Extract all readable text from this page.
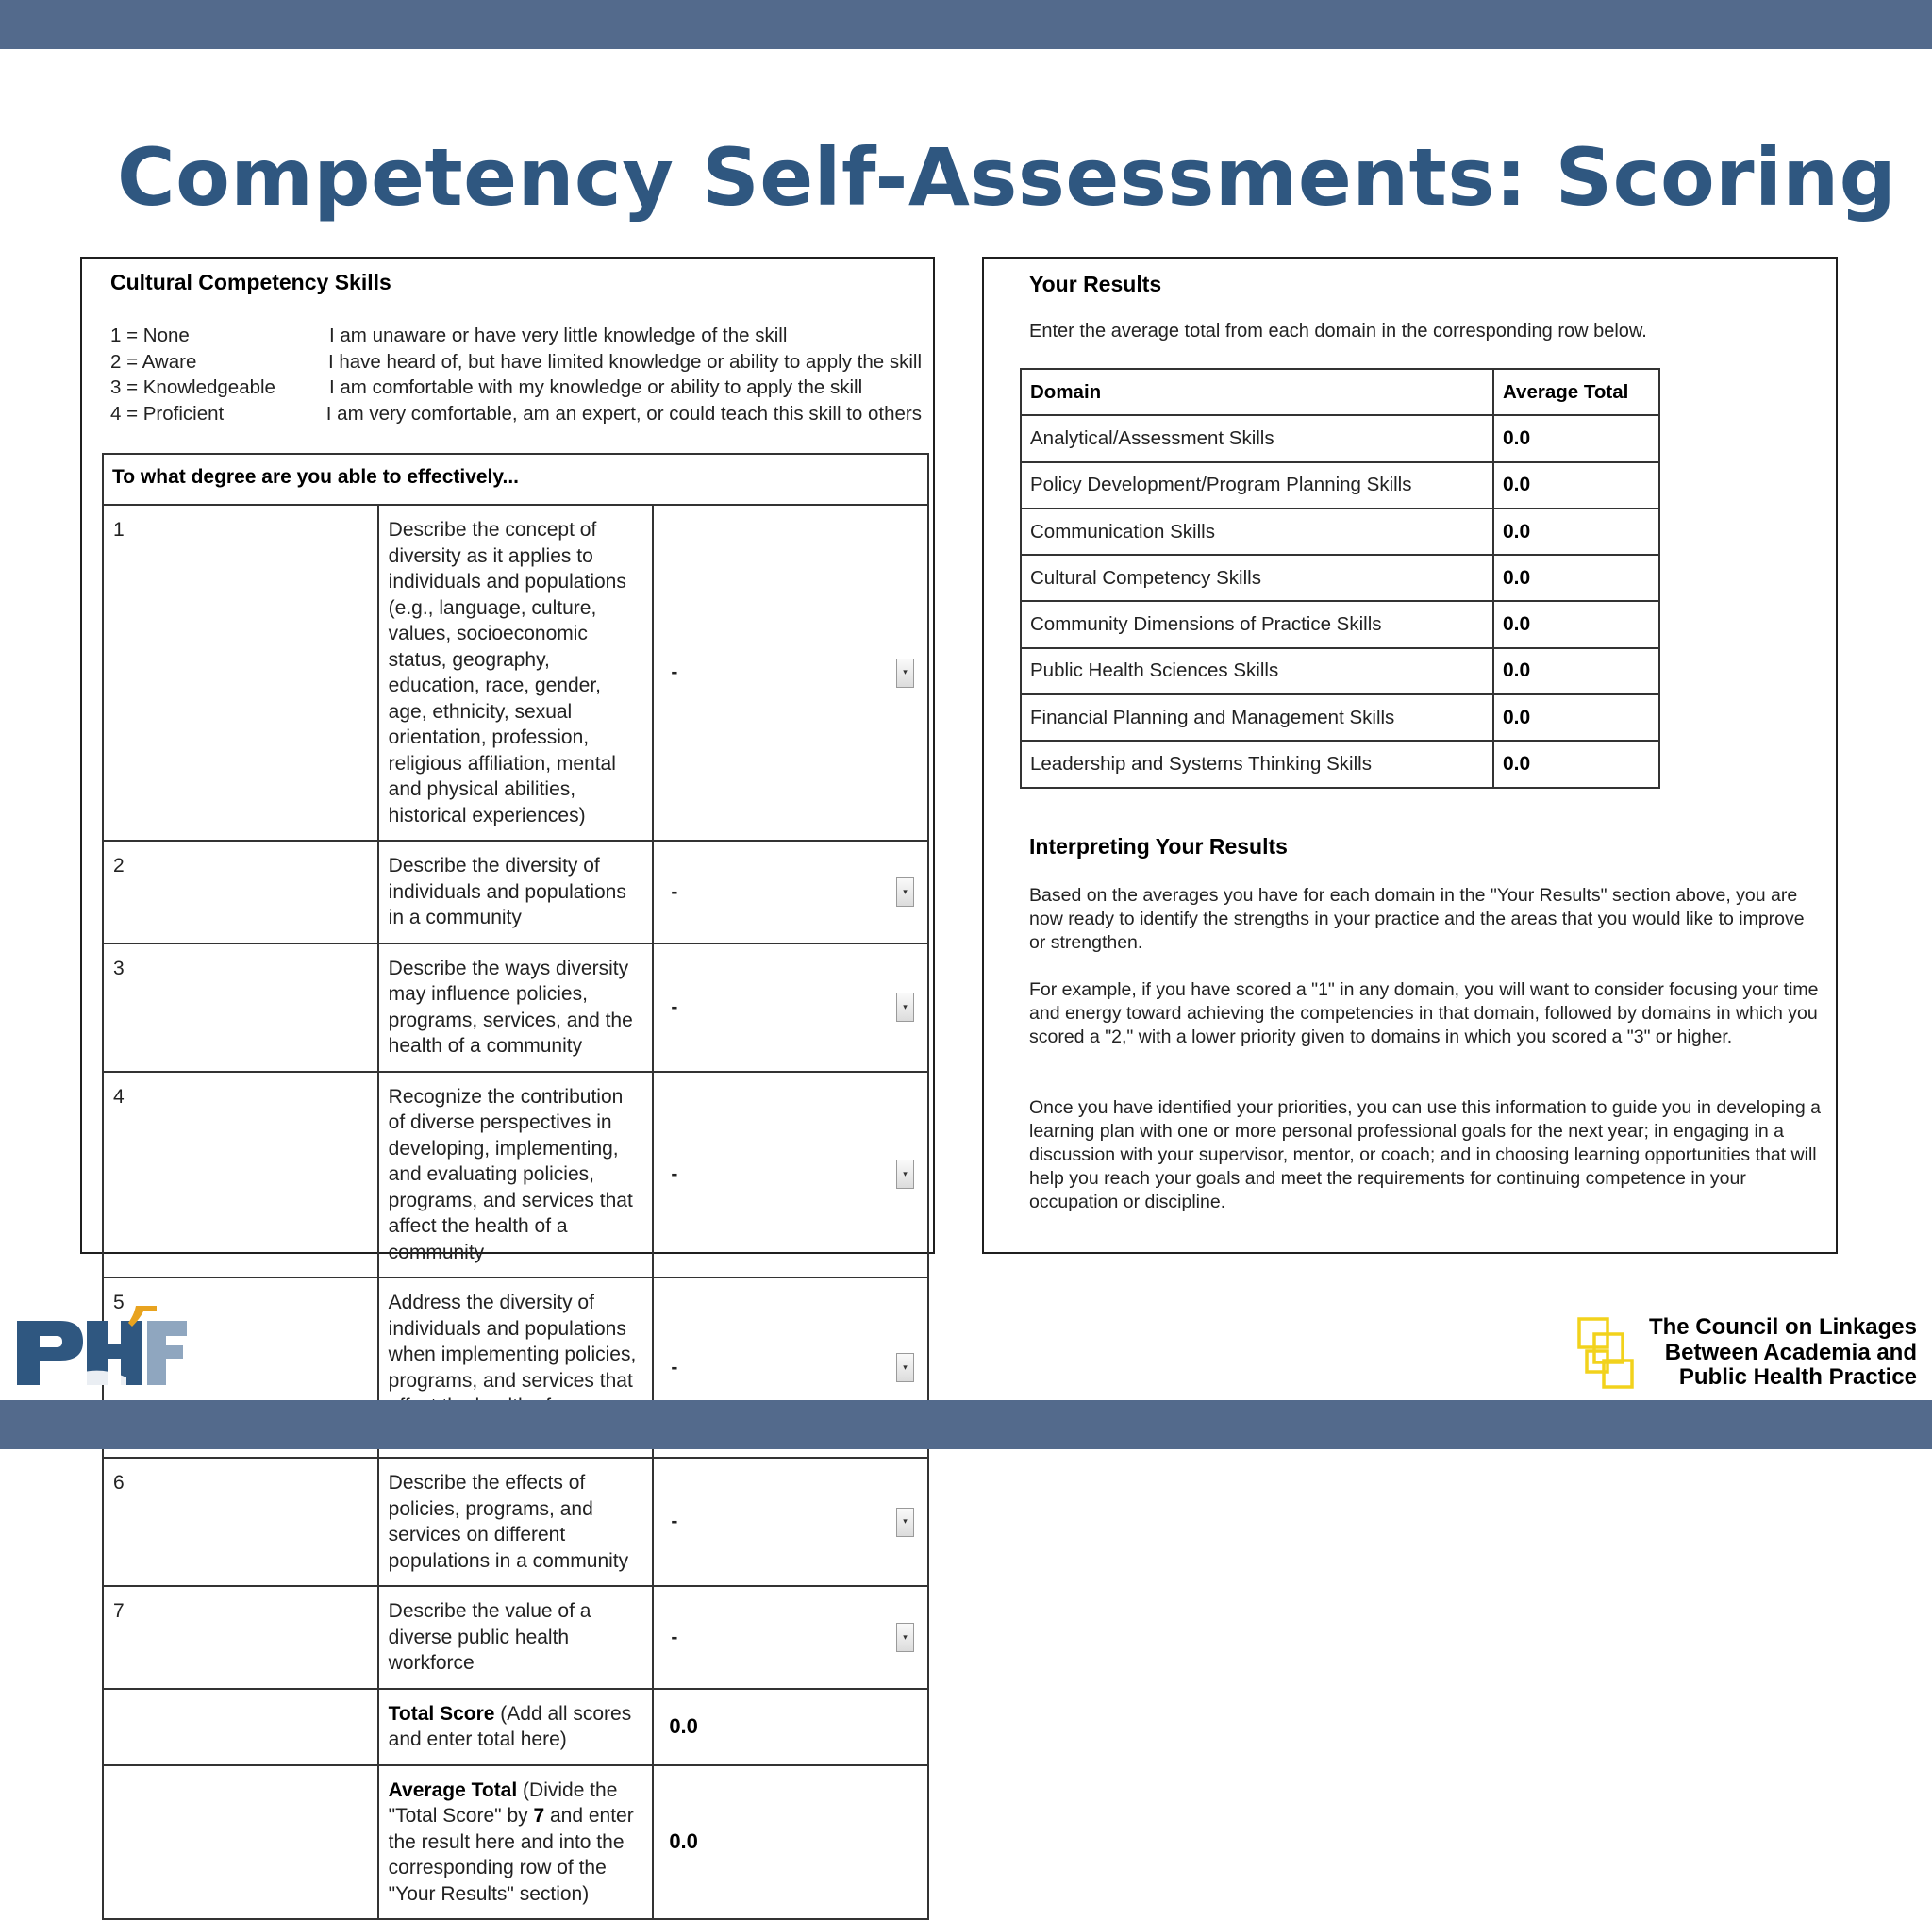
Competency Self-Assessments: Scoring
Cultural Competency Skills
1 = None	I am unaware or have very little knowledge of the skill
2 = Aware	I have heard of, but have limited knowledge or ability to apply the skill
3 = Knowledgeable	I am comfortable with my knowledge or ability to apply the skill
4 = Proficient	I am very comfortable, am an expert, or could teach this skill to others
To what degree are you able to effectively...		
1	Describe the concept of diversity as it applies to individuals and populations (e.g., language, culture, values, socioeconomic status, geography, education, race, gender, age, ethnicity, sexual orientation, profession, religious affiliation, mental and physical abilities, historical experiences)	- ▾

2	Describe the diversity of individuals and populations in a community	- ▾

3	Describe the ways diversity may influence policies, programs, services, and the health of a community	- ▾

4	Recognize the contribution of diverse perspectives in developing, implementing, and evaluating policies, programs, and services that affect the health of a community	- ▾

5	Address the diversity of individuals and populations when implementing policies, programs, and services that	- ▾

6	Describe the effects of policies, programs, and services on different populations in a community	- ▾

7	Describe the value of a diverse public health workforce	- ▾

	Total Score (Add all scores and enter total here)	0.0
	Average Total (Divide the "Total Score" by 7 and enter the result here and into the corresponding row of the "Your Results" section)	0.0
Your Results
Enter the average total from each domain in the corresponding row below.
Domain	Average Total
Analytical/Assessment Skills	0.0
Policy Development/Program Planning Skills	0.0
Communication Skills	0.0
Cultural Competency Skills	0.0
Community Dimensions of Practice Skills	0.0
Public Health Sciences Skills	0.0
Financial Planning and Management Skills	0.0
Leadership and Systems Thinking Skills	0.0
Interpreting Your Results

Based on the averages you have for each domain in the "Your Results" section above, you are now ready to identify the strengths in your practice and the areas that you would like to improve or strengthen.

For example, if you have scored a "1" in any domain, you will want to consider focusing your time and energy toward achieving the competencies in that domain, followed by domains in which you scored a "2," with a lower priority given to domains in which you scored a "3" or higher.

Once you have identified your priorities, you can use this information to guide you in developing a learning plan with one or more personal professional goals for the next year; in engaging in a discussion with your supervisor, mentor, or coach; and in choosing learning opportunities that will help you reach your goals and meet the requirements for continuing competence in your occupation or discipline.

The Council on Linkages
Between Academia and
Public Health Practice
